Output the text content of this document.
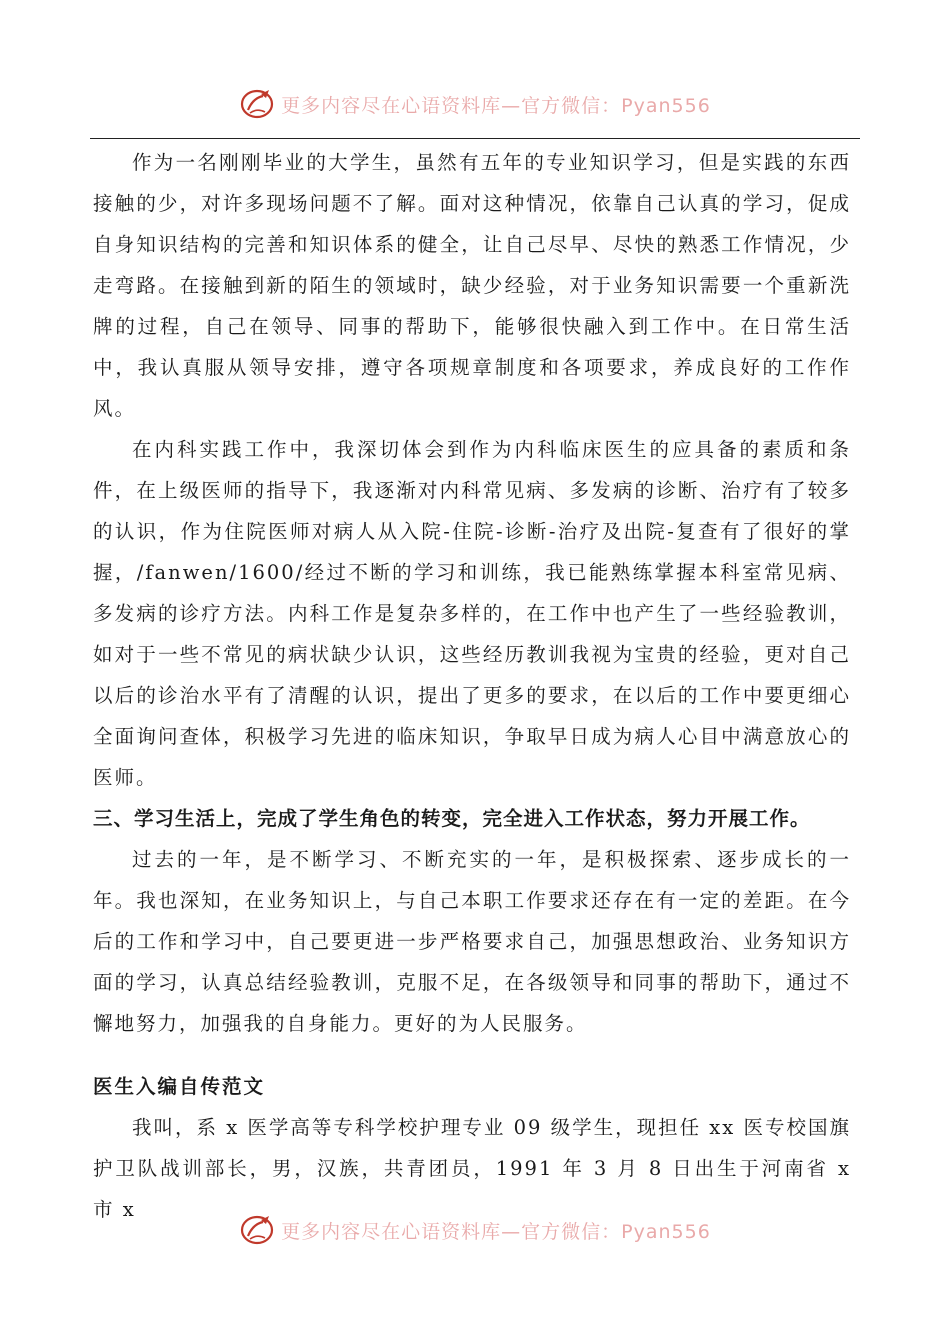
更多内容尽在心语资料库—官方微信：Pyan556

作为一名刚刚毕业的大学生，虽然有五年的专业知识学习，但是实践的东西接触的少，对许多现场问题不了解。面对这种情况，依靠自己认真的学习，促成自身知识结构的完善和知识体系的健全，让自己尽早、尽快的熟悉工作情况，少走弯路。在接触到新的陌生的领域时，缺少经验，对于业务知识需要一个重新洗牌的过程，自己在领导、同事的帮助下，能够很快融入到工作中。在日常生活中，我认真服从领导安排，遵守各项规章制度和各项要求，养成良好的工作作风。

在内科实践工作中，我深切体会到作为内科临床医生的应具备的素质和条件，在上级医师的指导下，我逐渐对内科常见病、多发病的诊断、治疗有了较多的认识，作为住院医师对病人从入院-住院-诊断-治疗及出院-复查有了很好的掌握，/fanwen/1600/经过不断的学习和训练，我已能熟练掌握本科室常见病、多发病的诊疗方法。内科工作是复杂多样的，在工作中也产生了一些经验教训，如对于一些不常见的病状缺少认识，这些经历教训我视为宝贵的经验，更对自己以后的诊治水平有了清醒的认识，提出了更多的要求，在以后的工作中要更细心全面询问查体，积极学习先进的临床知识，争取早日成为病人心目中满意放心的医师。

三、学习生活上，完成了学生角色的转变，完全进入工作状态，努力开展工作。

过去的一年，是不断学习、不断充实的一年，是积极探索、逐步成长的一年。我也深知，在业务知识上，与自己本职工作要求还存在有一定的差距。在今后的工作和学习中，自己要更进一步严格要求自己，加强思想政治、业务知识方面的学习，认真总结经验教训，克服不足，在各级领导和同事的帮助下，通过不懈地努力，加强我的自身能力。更好的为人民服务。

医生入编自传范文

我叫，系 x 医学高等专科学校护理专业 09 级学生，现担任 xx 医专校国旗护卫队战训部长，男，汉族，共青团员，1991 年 3 月 8 日出生于河南省 x 市 x

更多内容尽在心语资料库—官方微信：Pyan556
